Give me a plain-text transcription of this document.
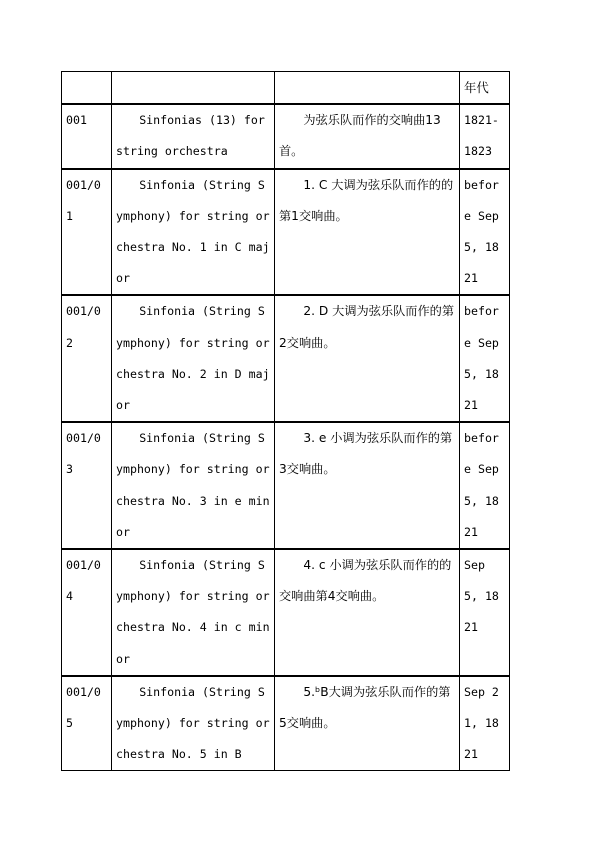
			年代
001	Sinfonias (13) for string orchestra	为弦乐队而作的交响曲13首。	1821-1823
001/01	Sinfonia (String Symphony) for string orchestra No. 1 in C major	1. C 大调为弦乐队而作的的第1交响曲。	before Sep 5, 1821
001/02	Sinfonia (String Symphony) for string orchestra No. 2 in D major	2. D 大调为弦乐队而作的第2交响曲。	before Sep 5, 1821
001/03	Sinfonia (String Symphony) for string orchestra No. 3 in e minor	3. e 小调为弦乐队而作的第3交响曲。	before Sep 5, 1821
001/04	Sinfonia (String Symphony) for string orchestra No. 4 in c minor	4. c 小调为弦乐队而作的的交响曲第4交响曲。	Sep 5, 1821
001/05	Sinfonia (String Symphony) for string orchestra No. 5 in B	5.ᵇB大调为弦乐队而作的第5交响曲。	Sep 21, 1821
